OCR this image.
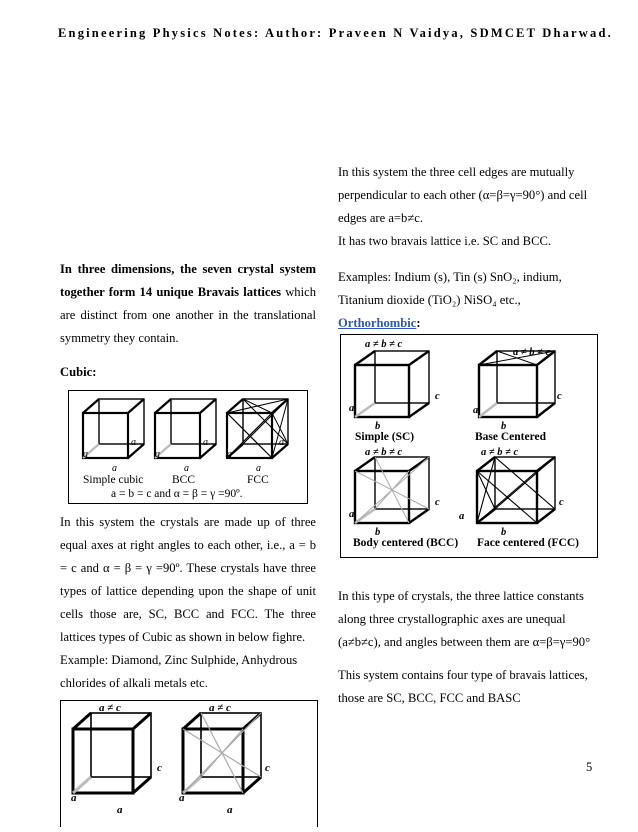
Engineering Physics Notes: Author: Praveen N Vaidya, SDMCET Dharwad.

In three dimensions, the seven crystal system together form 14 unique Bravais lattices which are distinct from one another in the translational symmetry they contain.

Cubic:
a
a
a
a
a
a
a
a
a
Simple cubic BCC	FCC
a = b = c and α = β = γ =90º.

In this system the crystals are made up of three equal axes at right angles to each other, i.e., a = b = c and α = β = γ =90º. These crystals have three types of lattice depending upon the shape of unit cells those are, SC, BCC and FCC. The three lattices types of Cubic as shown in below fighre.

Example: Diamond, Zinc Sulphide, Anhydrous chlorides of alkali metals etc.

a ≠ c	a ≠ c
c	c
a
a
a
a

In this system the three cell edges are mutually

perpendicular to each other (α=β=γ=90°) and cell

edges are a=b≠c.

It has two bravais lattice i.e. SC and BCC.

Examples: Indium (s), Tin (s) SnO₂, indium,

Titanium dioxide (TiO₂) NiSO₄ etc.,

Orthorhombic:

a ≠ b ≠ c
a ≠ b ≠ c
a ≠ b ≠ c	a ≠ b ≠ c
c	c
c	c
a	a
a	a
b	b
b	b
Simple (SC)	Base Centered
Body centered (BCC) Face centered (FCC)

In this type of crystals, the three lattice constants along three crystallographic axes are unequal (a≠b≠c), and angles between them are α=β=γ=90°

This system contains four type of bravais lattices, those are SC, BCC, FCC and BASC

5
